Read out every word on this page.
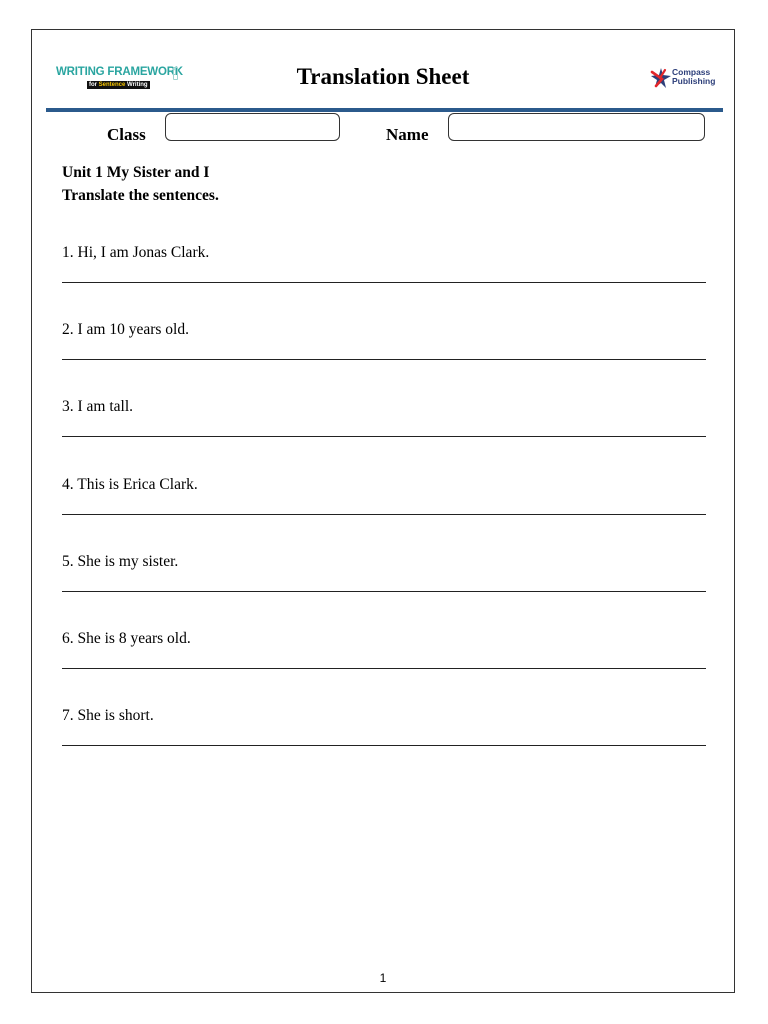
WRITING FRAMEWORK
for Sentence Writing	Translation Sheet	Compass
Publishing
Class	Name
Unit 1 My Sister and I
Translate the sentences.
1. Hi, I am Jonas Clark.
2. I am 10 years old.
3. I am tall.
4. This is Erica Clark.
5. She is my sister.
6. She is 8 years old.
7. She is short.
1
